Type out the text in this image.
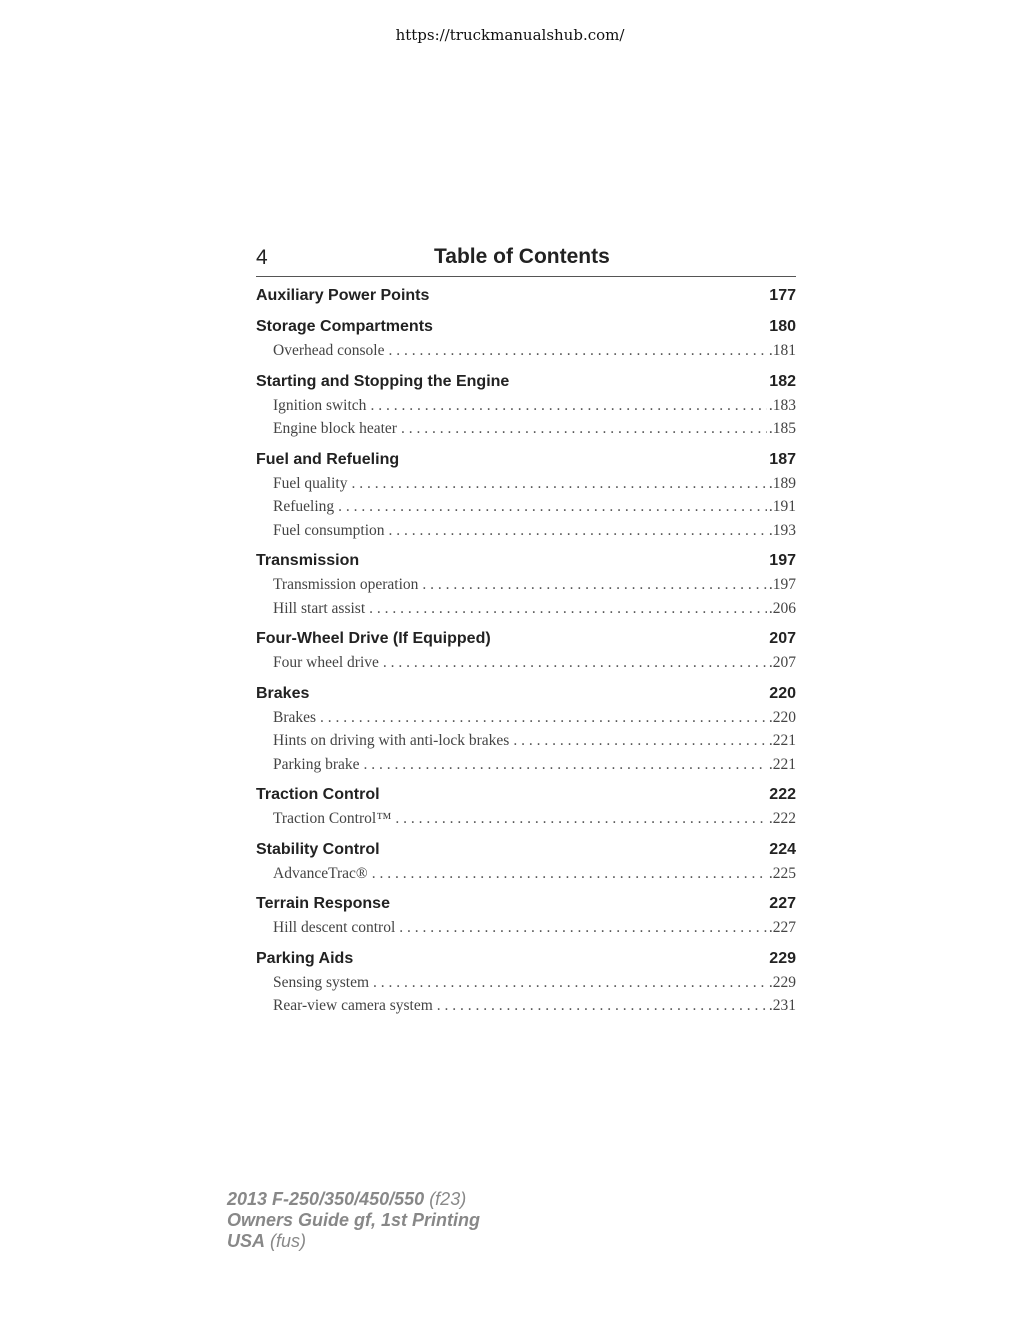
https://truckmanualshub.com/
4	Table of Contents
Auxiliary Power Points	177
Storage Compartments	180
Overhead console . . .	.181
Starting and Stopping the Engine	182
Ignition switch . . .	.183
Engine block heater . . .	.185
Fuel and Refueling	187
Fuel quality . . .	.189
Refueling . . .	.191
Fuel consumption . . .	.193
Transmission	197
Transmission operation . . .	.197
Hill start assist . . .	.206
Four-Wheel Drive (If Equipped)	207
Four wheel drive . . .	.207
Brakes	220
Brakes . . .	.220
Hints on driving with anti-lock brakes . . .	.221
Parking brake . . .	.221
Traction Control	222
Traction Control™ . . .	.222
Stability Control	224
AdvanceTrac® . . .	.225
Terrain Response	227
Hill descent control . . .	.227
Parking Aids	229
Sensing system . . .	.229
Rear-view camera system . . .	.231
2013 F-250/350/450/550 (f23)
Owners Guide gf, 1st Printing
USA (fus)
